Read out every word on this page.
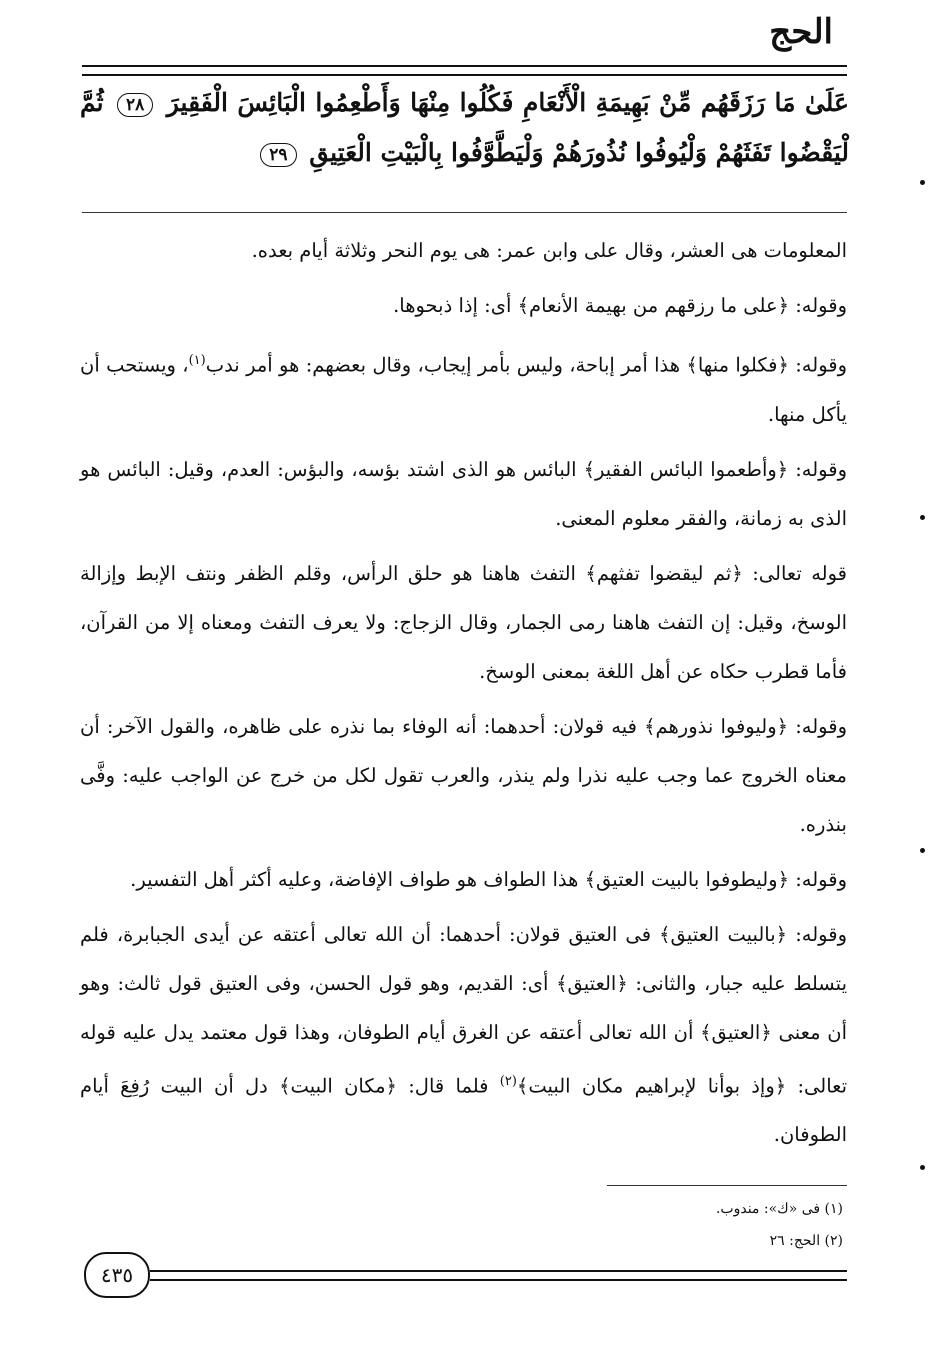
الحج
عَلَىٰ مَا رَزَقَهُم مِّنْ بَهِيمَةِ الْأَنْعَامِ فَكُلُوا مِنْهَا وَأَطْعِمُوا الْبَائِسَ الْفَقِيرَ ٢٨ ثُمَّ لْيَقْضُوا تَفَثَهُمْ وَلْيُوفُوا نُذُورَهُمْ وَلْيَطَّوَّفُوا بِالْبَيْتِ الْعَتِيقِ ٢٩

المعلومات هى العشر، وقال على وابن عمر: هى يوم النحر وثلاثة أيام بعده.

وقوله: ﴿على ما رزقهم من بهيمة الأنعام﴾ أى: إذا ذبحوها.

وقوله: ﴿فكلوا منها﴾ هذا أمر إباحة، وليس بأمر إيجاب، وقال بعضهم: هو أمر ندب$^{(١)}$، ويستحب أن يأكل منها.

وقوله: ﴿وأطعموا البائس الفقير﴾ البائس هو الذى اشتد بؤسه، والبؤس: العدم، وقيل: البائس هو الذى به زمانة، والفقر معلوم المعنى.

قوله تعالى: ﴿ثم ليقضوا تفثهم﴾ التفث هاهنا هو حلق الرأس، وقلم الظفر ونتف الإبط وإزالة الوسخ، وقيل: إن التفث هاهنا رمى الجمار، وقال الزجاج: ولا يعرف التفث ومعناه إلا من القرآن، فأما قطرب حكاه عن أهل اللغة بمعنى الوسخ.

وقوله: ﴿وليوفوا نذورهم﴾ فيه قولان: أحدهما: أنه الوفاء بما نذره على ظاهره، والقول الآخر: أن معناه الخروج عما وجب عليه نذرا ولم ينذر، والعرب تقول لكل من خرج عن الواجب عليه: وفَّى بنذره.

وقوله: ﴿وليطوفوا بالبيت العتيق﴾ هذا الطواف هو طواف الإفاضة، وعليه أكثر أهل التفسير.

وقوله: ﴿بالبيت العتيق﴾ فى العتيق قولان: أحدهما: أن الله تعالى أعتقه عن أيدى الجبابرة، فلم يتسلط عليه جبار، والثانى: ﴿العتيق﴾ أى: القديم، وهو قول الحسن، وفى العتيق قول ثالث: وهو أن معنى ﴿العتيق﴾ أن الله تعالى أعتقه عن الغرق أيام الطوفان، وهذا قول معتمد يدل عليه قوله تعالى: ﴿وإذ بوأنا لإبراهيم مكان البيت﴾$^{(٢)}$ فلما قال: ﴿مكان البيت﴾ دل أن البيت رُفِعَ أيام الطوفان.

(١) فى «ك»: مندوب.
(٢) الحج: ٢٦
٤٣٥
